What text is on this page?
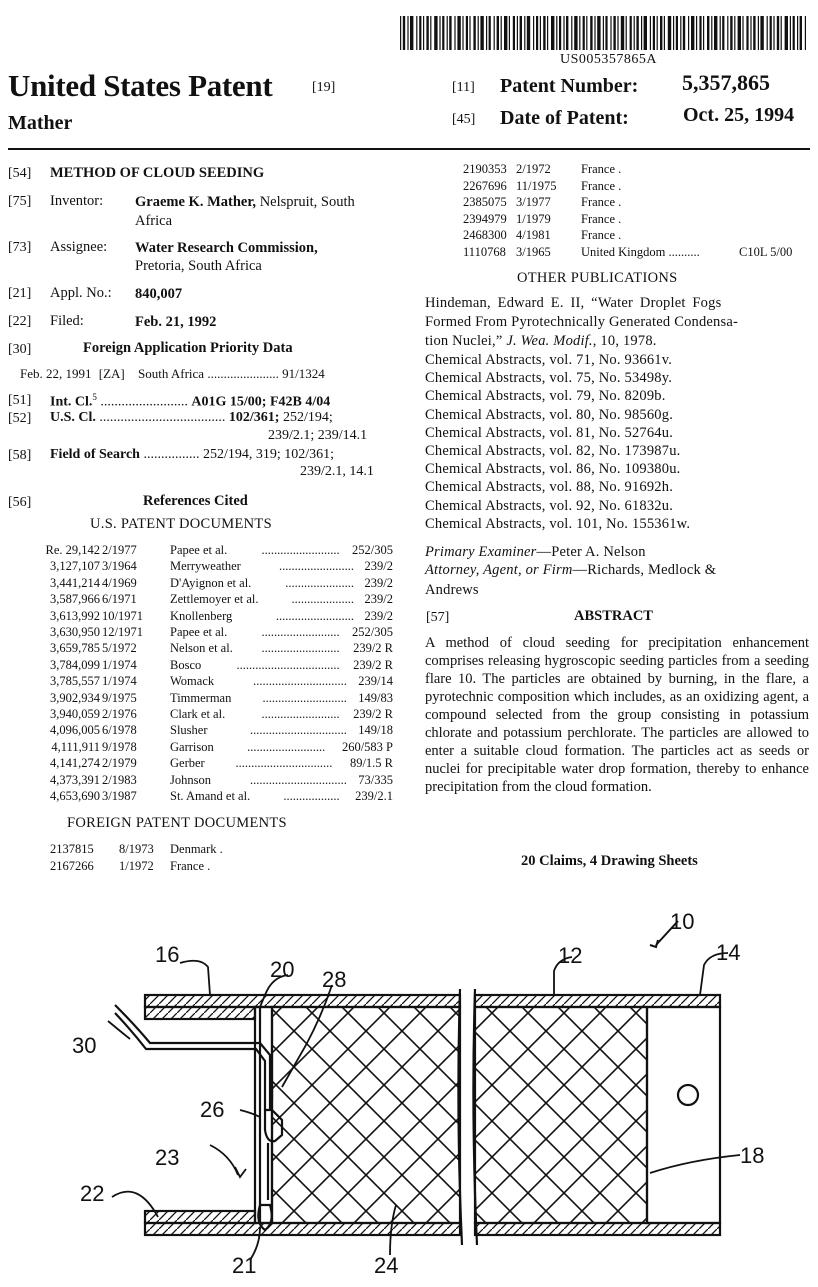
US005357865A
United States Patent	[19]
Mather
[11] Patent Number: 5,357,865
[45] Date of Patent:	Oct. 25, 1994
[54] METHOD OF CLOUD SEEDING
[75] Inventor: Graeme K. Mather, Nelspruit, South
Africa
[73] Assignee: Water Research Commission,
Pretoria, South Africa
[21] Appl. No.: 840,007
[22] Filed:	Feb. 21, 1992
[30]	Foreign Application Priority Data
Feb. 22, 1991 [ZA] South Africa ...................... 91/1324
[51] Int. Cl.$^5$ ......................... A01G 15/00; F42B 4/04
[52] U.S. Cl. .................................... 102/361; 252/194;
239/2.1; 239/14.1
[58] Field of Search ................ 252/194, 319; 102/361;
239/2.1, 14.1
[56]	References Cited
U.S. PATENT DOCUMENTS
Re. 29,142 2/1977	Papee et al.	252/305
.........................
3,127,107 3/1964	Merryweather	239/2
........................
3,441,214 4/1969	D'Ayignon et al.	239/2
......................
3,587,966 6/1971	Zettlemoyer et al.	239/2
....................
3,613,992 10/1971 Knollenberg	239/2
.........................
3,630,950 12/1971 Papee et al.	252/305
.........................
3,659,785 5/1972	Nelson et al.	239/2 R
.........................
3,784,099 1/1974	Bosco	239/2 R
.................................
3,785,557 1/1974	Womack	239/14
..............................
3,902,934 9/1975	Timmerman	149/83
...........................
3,940,059 2/1976	Clark et al.	239/2 R
.........................
4,096,005 6/1978	Slusher	149/18
...............................
4,111,911 9/1978	Garrison	260/583 P
.........................
4,141,274 2/1979	Gerber	89/1.5 R
...............................
4,373,391 2/1983	Johnson	73/335
...............................
4,653,690 3/1987	St. Amand et al.	239/2.1
..................
FOREIGN PATENT DOCUMENTS
2137815 8/1973 Denmark .
2167266 1/1972 France .
2190353 2/1972 France .
2267696 11/1975 France .
2385075 3/1977 France .
2394979 1/1979 France .
2468300 4/1981 France .
1110768 3/1965 United Kingdom ..........	C10L 5/00
OTHER PUBLICATIONS
Hindeman, Edward E. II, “Water Droplet Fogs
Formed From Pyrotechnically Generated Condensa-
tion Nuclei,” J. Wea. Modif., 10, 1978.
Chemical Abstracts, vol. 71, No. 93661v.
Chemical Abstracts, vol. 75, No. 53498y.
Chemical Abstracts, vol. 79, No. 8209b.
Chemical Abstracts, vol. 80, No. 98560g.
Chemical Abstracts, vol. 81, No. 52764u.
Chemical Abstracts, vol. 82, No. 173987u.
Chemical Abstracts, vol. 86, No. 109380u.
Chemical Abstracts, vol. 88, No. 91692h.
Chemical Abstracts, vol. 92, No. 61832u.
Chemical Abstracts, vol. 101, No. 155361w.
Primary Examiner—Peter A. Nelson
Attorney, Agent, or Firm—Richards, Medlock &
Andrews
[57]	ABSTRACT
A method of cloud seeding for precipitation enhancement comprises releasing hygroscopic seeding particles from a seeding flare 10. The particles are obtained by burning, in the flare, a pyrotechnic composition which includes, as an oxidizing agent, a compound selected from the group consisting in potassium chlorate and potassium perchlorate. The particles are allowed to enter a suitable cloud formation. The particles act as seeds or nuclei for precipitable water drop formation, thereby to enhance precipitation from the cloud formation.
20 Claims, 4 Drawing Sheets
10
12	14
16
18
20
21
22
23
24
26
28
30
